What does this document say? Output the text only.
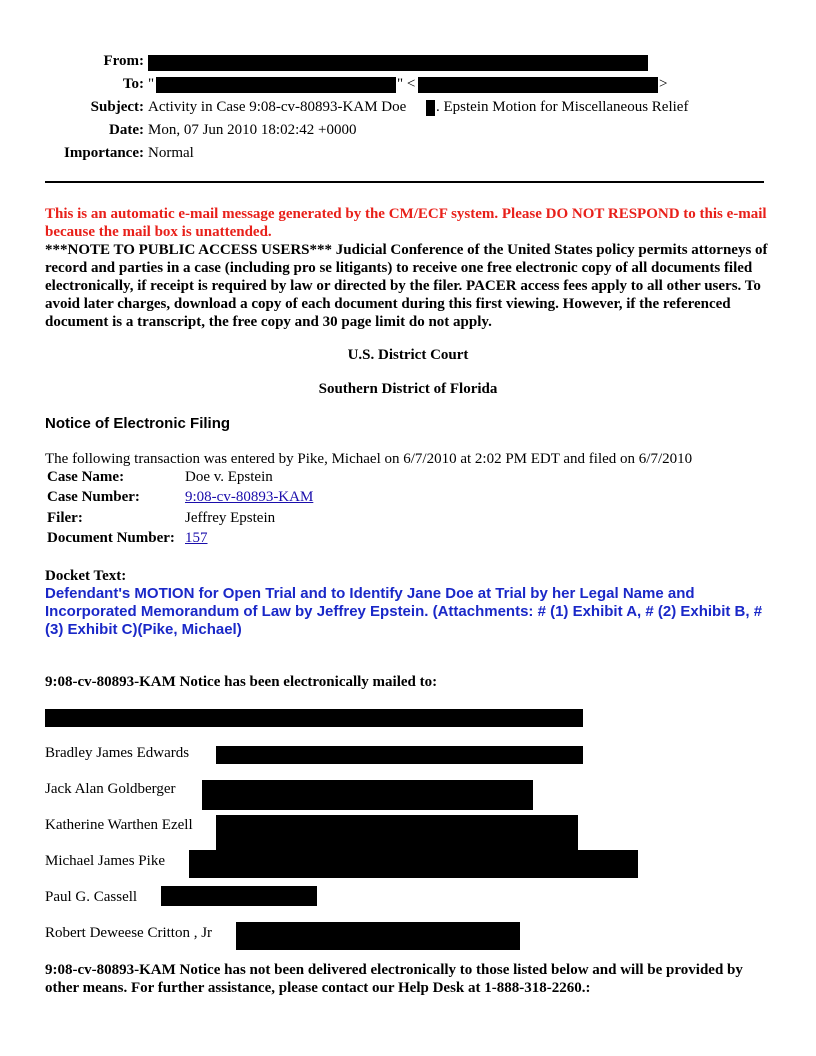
From:
To: "	" <	>
Subject: Activity in Case 9:08-cv-80893-KAM Doe . Epstein Motion for Miscellaneous Relief
Date: Mon, 07 Jun 2010 18:02:42 +0000
Importance: Normal
This is an automatic e-mail message generated by the CM/ECF system. Please DO NOT RESPOND to this e-mail because the mail box is unattended.
***NOTE TO PUBLIC ACCESS USERS*** Judicial Conference of the United States policy permits attorneys of record and parties in a case (including pro se litigants) to receive one free electronic copy of all documents filed electronically, if receipt is required by law or directed by the filer. PACER access fees apply to all other users. To avoid later charges, download a copy of each document during this first viewing. However, if the referenced document is a transcript, the free copy and 30 page limit do not apply.
U.S. District Court
Southern District of Florida
Notice of Electronic Filing
The following transaction was entered by Pike, Michael on 6/7/2010 at 2:02 PM EDT and filed on 6/7/2010
Case Name:	Doe v. Epstein
Case Number:	9:08-cv-80893-KAM
Filer:	Jeffrey Epstein
Document Number: 157
Docket Text:
Defendant's MOTION for Open Trial and to Identify Jane Doe at Trial by her Legal Name and Incorporated Memorandum of Law by Jeffrey Epstein. (Attachments: # (1) Exhibit A, # (2) Exhibit B, # (3) Exhibit C)(Pike, Michael)
9:08-cv-80893-KAM Notice has been electronically mailed to:
Bradley James Edwards
Jack Alan Goldberger
Katherine Warthen Ezell
Michael James Pike
Paul G. Cassell
Robert Deweese Critton , Jr
9:08-cv-80893-KAM Notice has not been delivered electronically to those listed below and will be provided by other means. For further assistance, please contact our Help Desk at 1-888-318-2260.:
